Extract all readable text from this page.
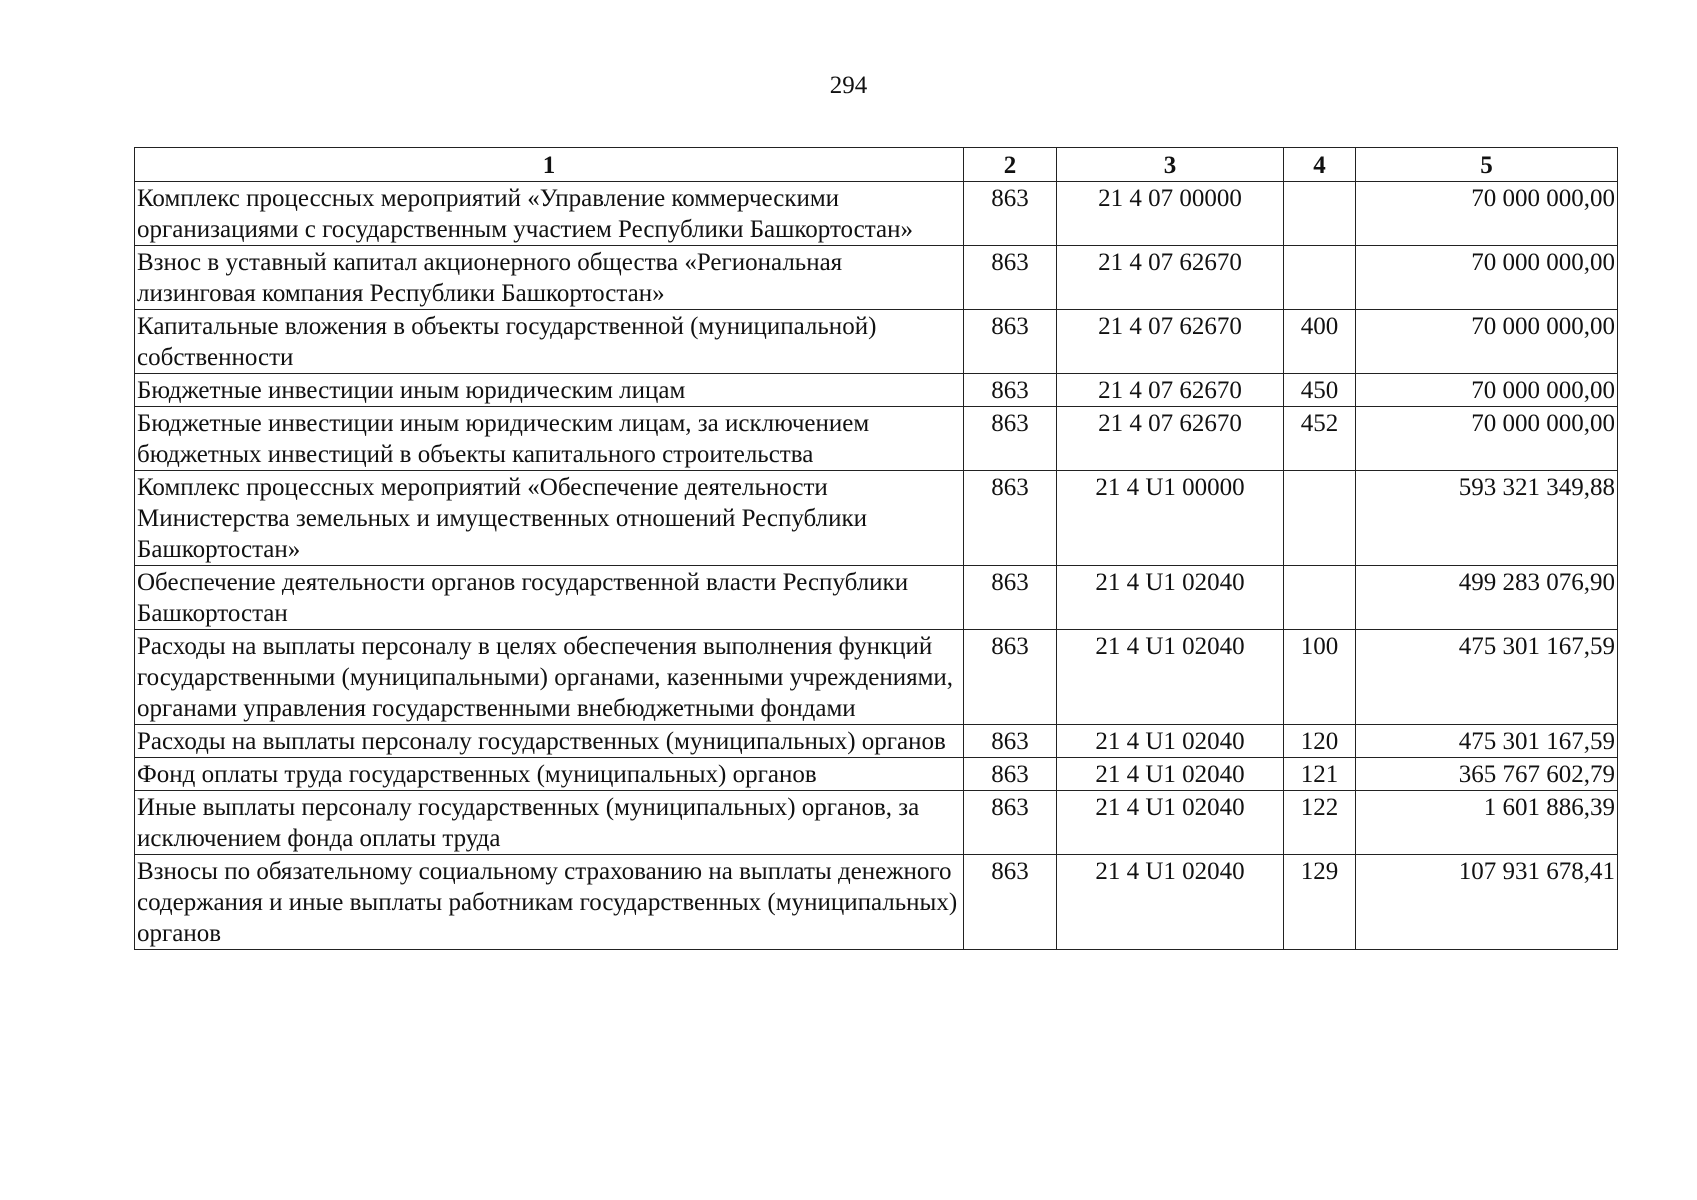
294
1	2	3	4	5
Комплекс процессных мероприятий «Управление коммерческими организациями с государственным участием Республики Башкортостан»	863	21 4 07 00000		70 000 000,00
Взнос в уставный капитал акционерного общества «Региональная лизинговая компания Республики Башкортостан»	863	21 4 07 62670		70 000 000,00
Капитальные вложения в объекты государственной (муниципальной) собственности	863	21 4 07 62670	400	70 000 000,00
Бюджетные инвестиции иным юридическим лицам	863	21 4 07 62670	450	70 000 000,00
Бюджетные инвестиции иным юридическим лицам, за исключением бюджетных инвестиций в объекты капитального строительства	863	21 4 07 62670	452	70 000 000,00
Комплекс процессных мероприятий «Обеспечение деятельности Министерства земельных и имущественных отношений Республики Башкортостан»	863	21 4 U1 00000		593 321 349,88
Обеспечение деятельности органов государственной власти Республики Башкортостан	863	21 4 U1 02040		499 283 076,90
Расходы на выплаты персоналу в целях обеспечения выполнения функций государственными (муниципальными) органами, казенными учреждениями, органами управления государственными внебюджетными фондами	863	21 4 U1 02040	100	475 301 167,59
Расходы на выплаты персоналу государственных (муниципальных) органов	863	21 4 U1 02040	120	475 301 167,59
Фонд оплаты труда государственных (муниципальных) органов	863	21 4 U1 02040	121	365 767 602,79
Иные выплаты персоналу государственных (муниципальных) органов, за исключением фонда оплаты труда	863	21 4 U1 02040	122	1 601 886,39
Взносы по обязательному социальному страхованию на выплаты денежного содержания и иные выплаты работникам государственных (муниципальных) органов	863	21 4 U1 02040	129	107 931 678,41
